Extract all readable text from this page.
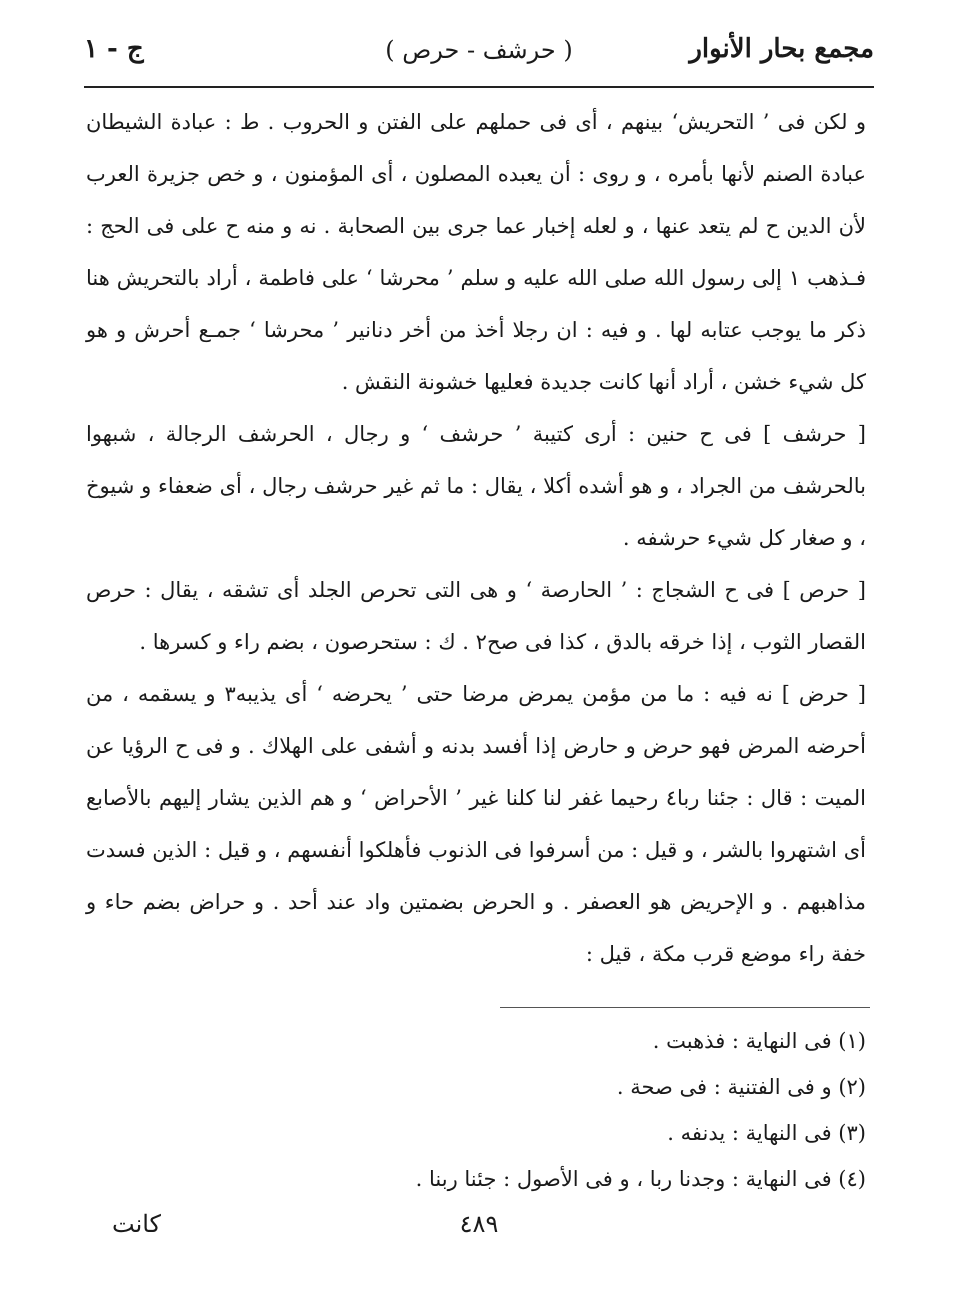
مجمع بحار الأنوار
( حرشف - حرص )
ج - ١

و لكن فى ’ التحريش‘ بينهم ، أى فى حملهم على الفتن و الحروب . ط : عبادة الشيطان عبادة الصنم لأنها بأمره ، و روى : أن يعبده المصلون ، أى المؤمنون ، و خص جزيرة العرب لأن الدين ح لم يتعد عنها ، و لعله إخبار عما جرى بين الصحابة . نه و منه ح على فى الحج : فـذهب ١ إلى رسول الله صلى الله عليه و سلم ’ محرشا ‘ على فاطمة ، أراد بالتحريش هنا ذكر ما يوجب عتابه لها . و فيه : ان رجلا أخذ من أخر دنانير ’ محرشا ‘ جمـع أحرش و هو كل شيء خشن ، أراد أنها كانت جديدة فعليها خشونة النقش .

[ حرشف ] فى ح حنين : أرى كتيبة ’ حرشف ‘ و رجال ، الحرشف الرجالة ، شبهوا بالحرشف من الجراد ، و هو أشده أكلا ، يقال : ما ثم غير حرشف رجال ، أى ضعفاء و شيوخ ، و صغار كل شيء حرشفه .

[ حرص ] فى ح الشجاج : ’ الحارصة ‘ و هى التى تحرص الجلد أى تشقه ، يقال : حرص القصار الثوب ، إذا خرقه بالدق ، كذا فى صح٢ . ك : ستحرصون ، بضم راء و كسرها .

[ حرض ] نه فيه : ما من مؤمن يمرض مرضا حتى ’ يحرضه ‘ أى يذيبه٣ و يسقمه ، من أحرضه المرض فهو حرض و حارض إذا أفسد بدنه و أشفى على الهلاك . و فى ح الرؤيا عن الميت : قال : جئنا ربا٤ رحيما غفر لنا كلنا غير ’ الأحراض ‘ و هم الذين يشار إليهم بالأصابع أى اشتهروا بالشر ، و قيل : من أسرفوا فى الذنوب فأهلكوا أنفسهم ، و قيل : الذين فسدت مذاهبهم . و الإحريض هو العصفر . و الحرض بضمتين واد عند أحد . و حراض بضم حاء و خفة راء موضع قرب مكة ، قيل :

(١) فى النهاية : فذهبت .
(٢) و فى الفتنية : فى صحة .
(٣) فى النهاية : يدنفه .
(٤) فى النهاية : وجدنا ربا ، و فى الأصول : جئنا ربنا .
كانت	٤٨٩
